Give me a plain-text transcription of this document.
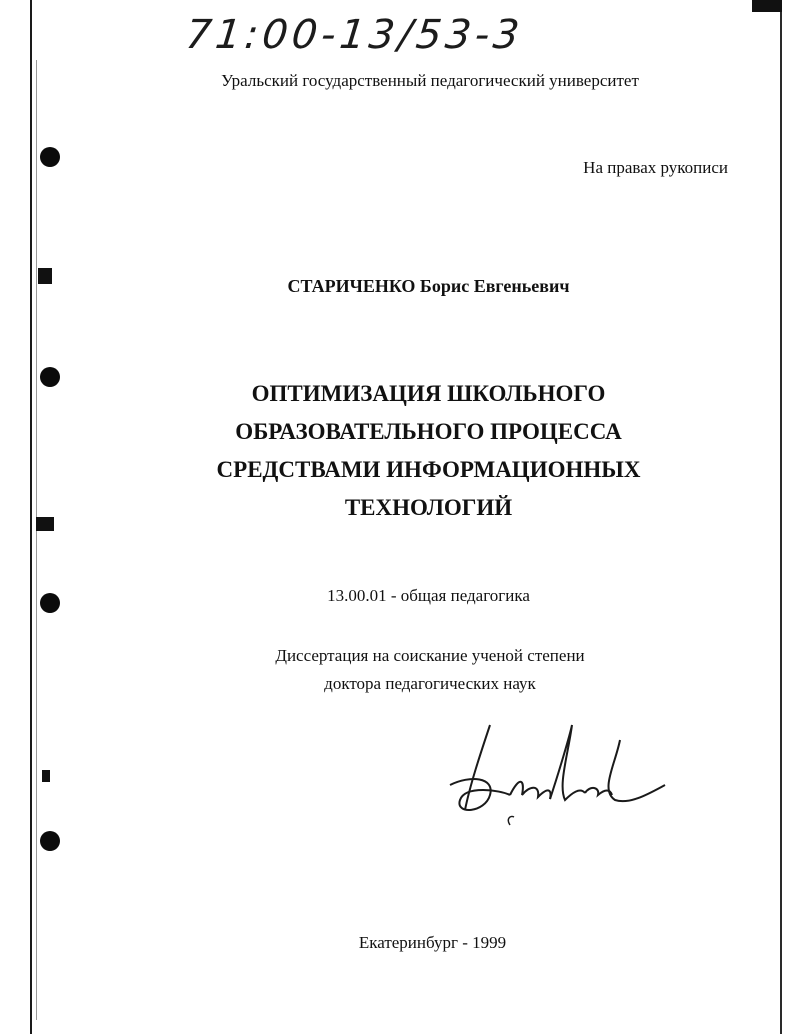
71:00-13/53-3
Уральский государственный педагогический университет
На правах рукописи
СТАРИЧЕНКО Борис Евгеньевич
ОПТИМИЗАЦИЯ ШКОЛЬНОГО
ОБРАЗОВАТЕЛЬНОГО ПРОЦЕССА
СРЕДСТВАМИ ИНФОРМАЦИОННЫХ
ТЕХНОЛОГИЙ
13.00.01 - общая педагогика
Диссертация на соискание ученой степени
доктора педагогических наук
Екатеринбург - 1999
